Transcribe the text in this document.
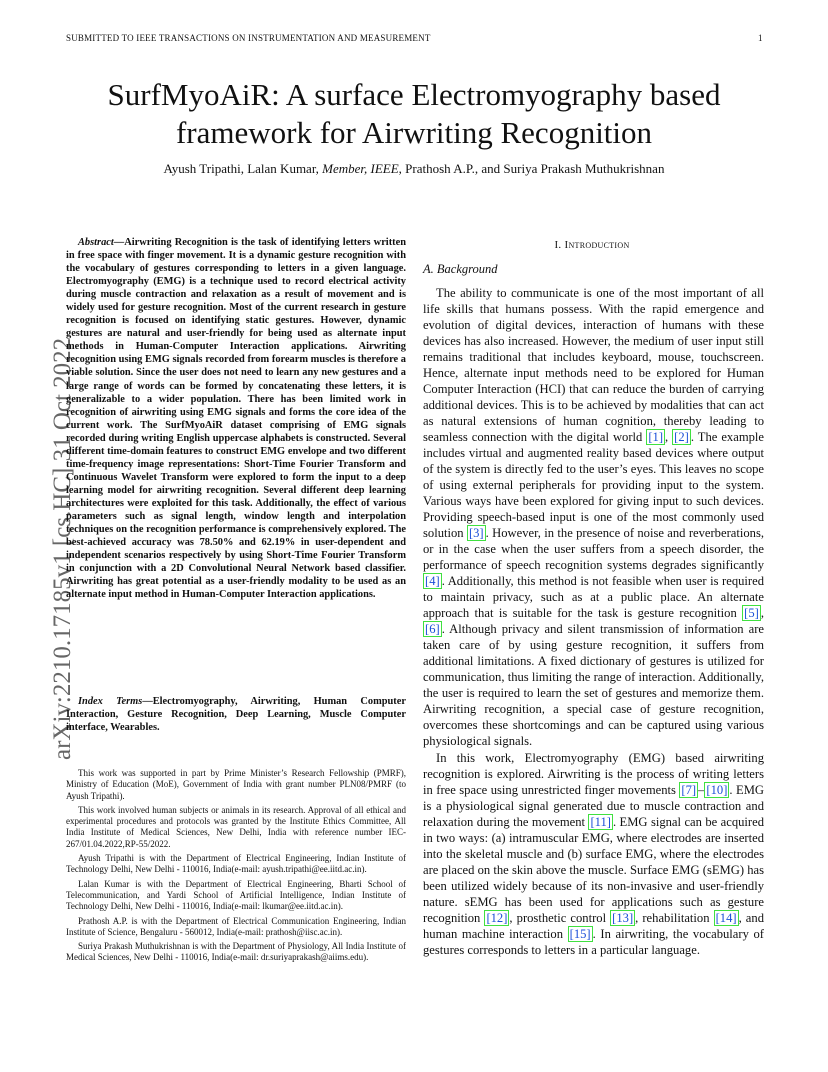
SUBMITTED TO IEEE TRANSACTIONS ON INSTRUMENTATION AND MEASUREMENT	1
SurfMyoAiR: A surface Electromyography based
framework for Airwriting Recognition
Ayush Tripathi, Lalan Kumar, Member, IEEE, Prathosh A.P., and Suriya Prakash Muthukrishnan
arXiv:2210.17185v1 [cs.HC] 31 Oct 2022
Abstract—Airwriting Recognition is the task of identifying letters written in free space with finger movement. It is a dynamic gesture recognition with the vocabulary of gestures corresponding to letters in a given language. Electromyography (EMG) is a technique used to record electrical activity during muscle contraction and relaxation as a result of movement and is widely used for gesture recognition. Most of the current research in gesture recognition is focused on identifying static gestures. However, dynamic gestures are natural and user-friendly for being used as alternate input methods in Human-Computer Interaction applications. Airwriting recognition using EMG signals recorded from forearm muscles is therefore a viable solution. Since the user does not need to learn any new gestures and a large range of words can be formed by concatenating these letters, it is generalizable to a wider population. There has been limited work in recognition of airwriting using EMG signals and forms the core idea of the current work. The SurfMyoAiR dataset comprising of EMG signals recorded during writing English uppercase alphabets is constructed. Several different time-domain features to construct EMG envelope and two different time-frequency image representations: Short-Time Fourier Transform and Continuous Wavelet Transform were explored to form the input to a deep learning model for airwriting recognition. Several different deep learning architectures were exploited for this task. Additionally, the effect of various parameters such as signal length, window length and interpolation techniques on the recognition performance is comprehensively explored. The best-achieved accuracy was 78.50% and 62.19% in user-dependent and independent scenarios respectively by using Short-Time Fourier Transform in conjunction with a 2D Convolutional Neural Network based classifier. Airwriting has great potential as a user-friendly modality to be used as an alternate input method in Human-Computer Interaction applications.
Index Terms—Electromyography, Airwriting, Human Computer Interaction, Gesture Recognition, Deep Learning, Muscle Computer interface, Wearables.

This work was supported in part by Prime Minister’s Research Fellowship (PMRF), Ministry of Education (MoE), Government of India with grant number PLN08/PMRF (to Ayush Tripathi).

This work involved human subjects or animals in its research. Approval of all ethical and experimental procedures and protocols was granted by the Institute Ethics Committee, All India Institute of Medical Sciences, New Delhi, India with reference number IEC-267/01.04.2022,RP-55/2022.

Ayush Tripathi is with the Department of Electrical Engineering, Indian Institute of Technology Delhi, New Delhi - 110016, India(e-mail: ayush.tripathi@ee.iitd.ac.in).

Lalan Kumar is with the Department of Electrical Engineering, Bharti School of Telecommunication, and Yardi School of Artificial Intelligence, Indian Institute of Technology Delhi, New Delhi - 110016, India(e-mail: lkumar@ee.iitd.ac.in).

Prathosh A.P. is with the Department of Electrical Communication Engineering, Indian Institute of Science, Bengaluru - 560012, India(e-mail: prathosh@iisc.ac.in).

Suriya Prakash Muthukrishnan is with the Department of Physiology, All India Institute of Medical Sciences, New Delhi - 110016, India(e-mail: dr.suriyaprakash@aiims.edu).

I. Introduction
A. Background

The ability to communicate is one of the most important of all life skills that humans possess. With the rapid emergence and evolution of digital devices, interaction of humans with these devices has also increased. However, the medium of user input still remains traditional that includes keyboard, mouse, touchscreen. Hence, alternate input methods need to be explored for Human Computer Interaction (HCI) that can reduce the burden of carrying additional devices. This is to be achieved by modalities that can act as natural extensions of human cognition, thereby leading to seamless connection with the digital world [1] , [2] . The example includes virtual and augmented reality based devices where output of the system is directly fed to the user’s eyes. This leaves no scope of using external peripherals for providing input to the system. Various ways have been explored for giving input to such devices. Providing speech-based input is one of the most commonly used solution [3] . However, in the presence of noise and reverberations, or in the case when the user suffers from a speech disorder, the performance of speech recognition systems degrades significantly [4] . Additionally, this method is not feasible when user is required to maintain privacy, such as at a public place. An alternate approach that is suitable for the task is gesture recognition [5] , [6] . Although privacy and silent transmission of information are taken care of by using gesture recognition, it suffers from additional limitations. A fixed dictionary of gestures is utilized for communication, thus limiting the range of interaction. Additionally, the user is required to learn the set of gestures and memorize them. Airwriting recognition, a special case of gesture recognition, overcomes these shortcomings and can be captured using various physiological signals.

In this work, Electromyography (EMG) based airwriting recognition is explored. Airwriting is the process of writing letters in free space using unrestricted finger movements [7] – [10] . EMG is a physiological signal generated due to muscle contraction and relaxation during the movement [11] . EMG signal can be acquired in two ways: (a) intramuscular EMG, where electrodes are inserted into the skeletal muscle and (b) surface EMG, where the electrodes are placed on the skin above the muscle. Surface EMG (sEMG) has been utilized widely because of its non-invasive and user-friendly nature. sEMG has been used for applications such as gesture recognition [12] , prosthetic control [13] , rehabilitation [14] , and human machine interaction [15] . In airwriting, the vocabulary of gestures corresponds to letters in a particular language.
